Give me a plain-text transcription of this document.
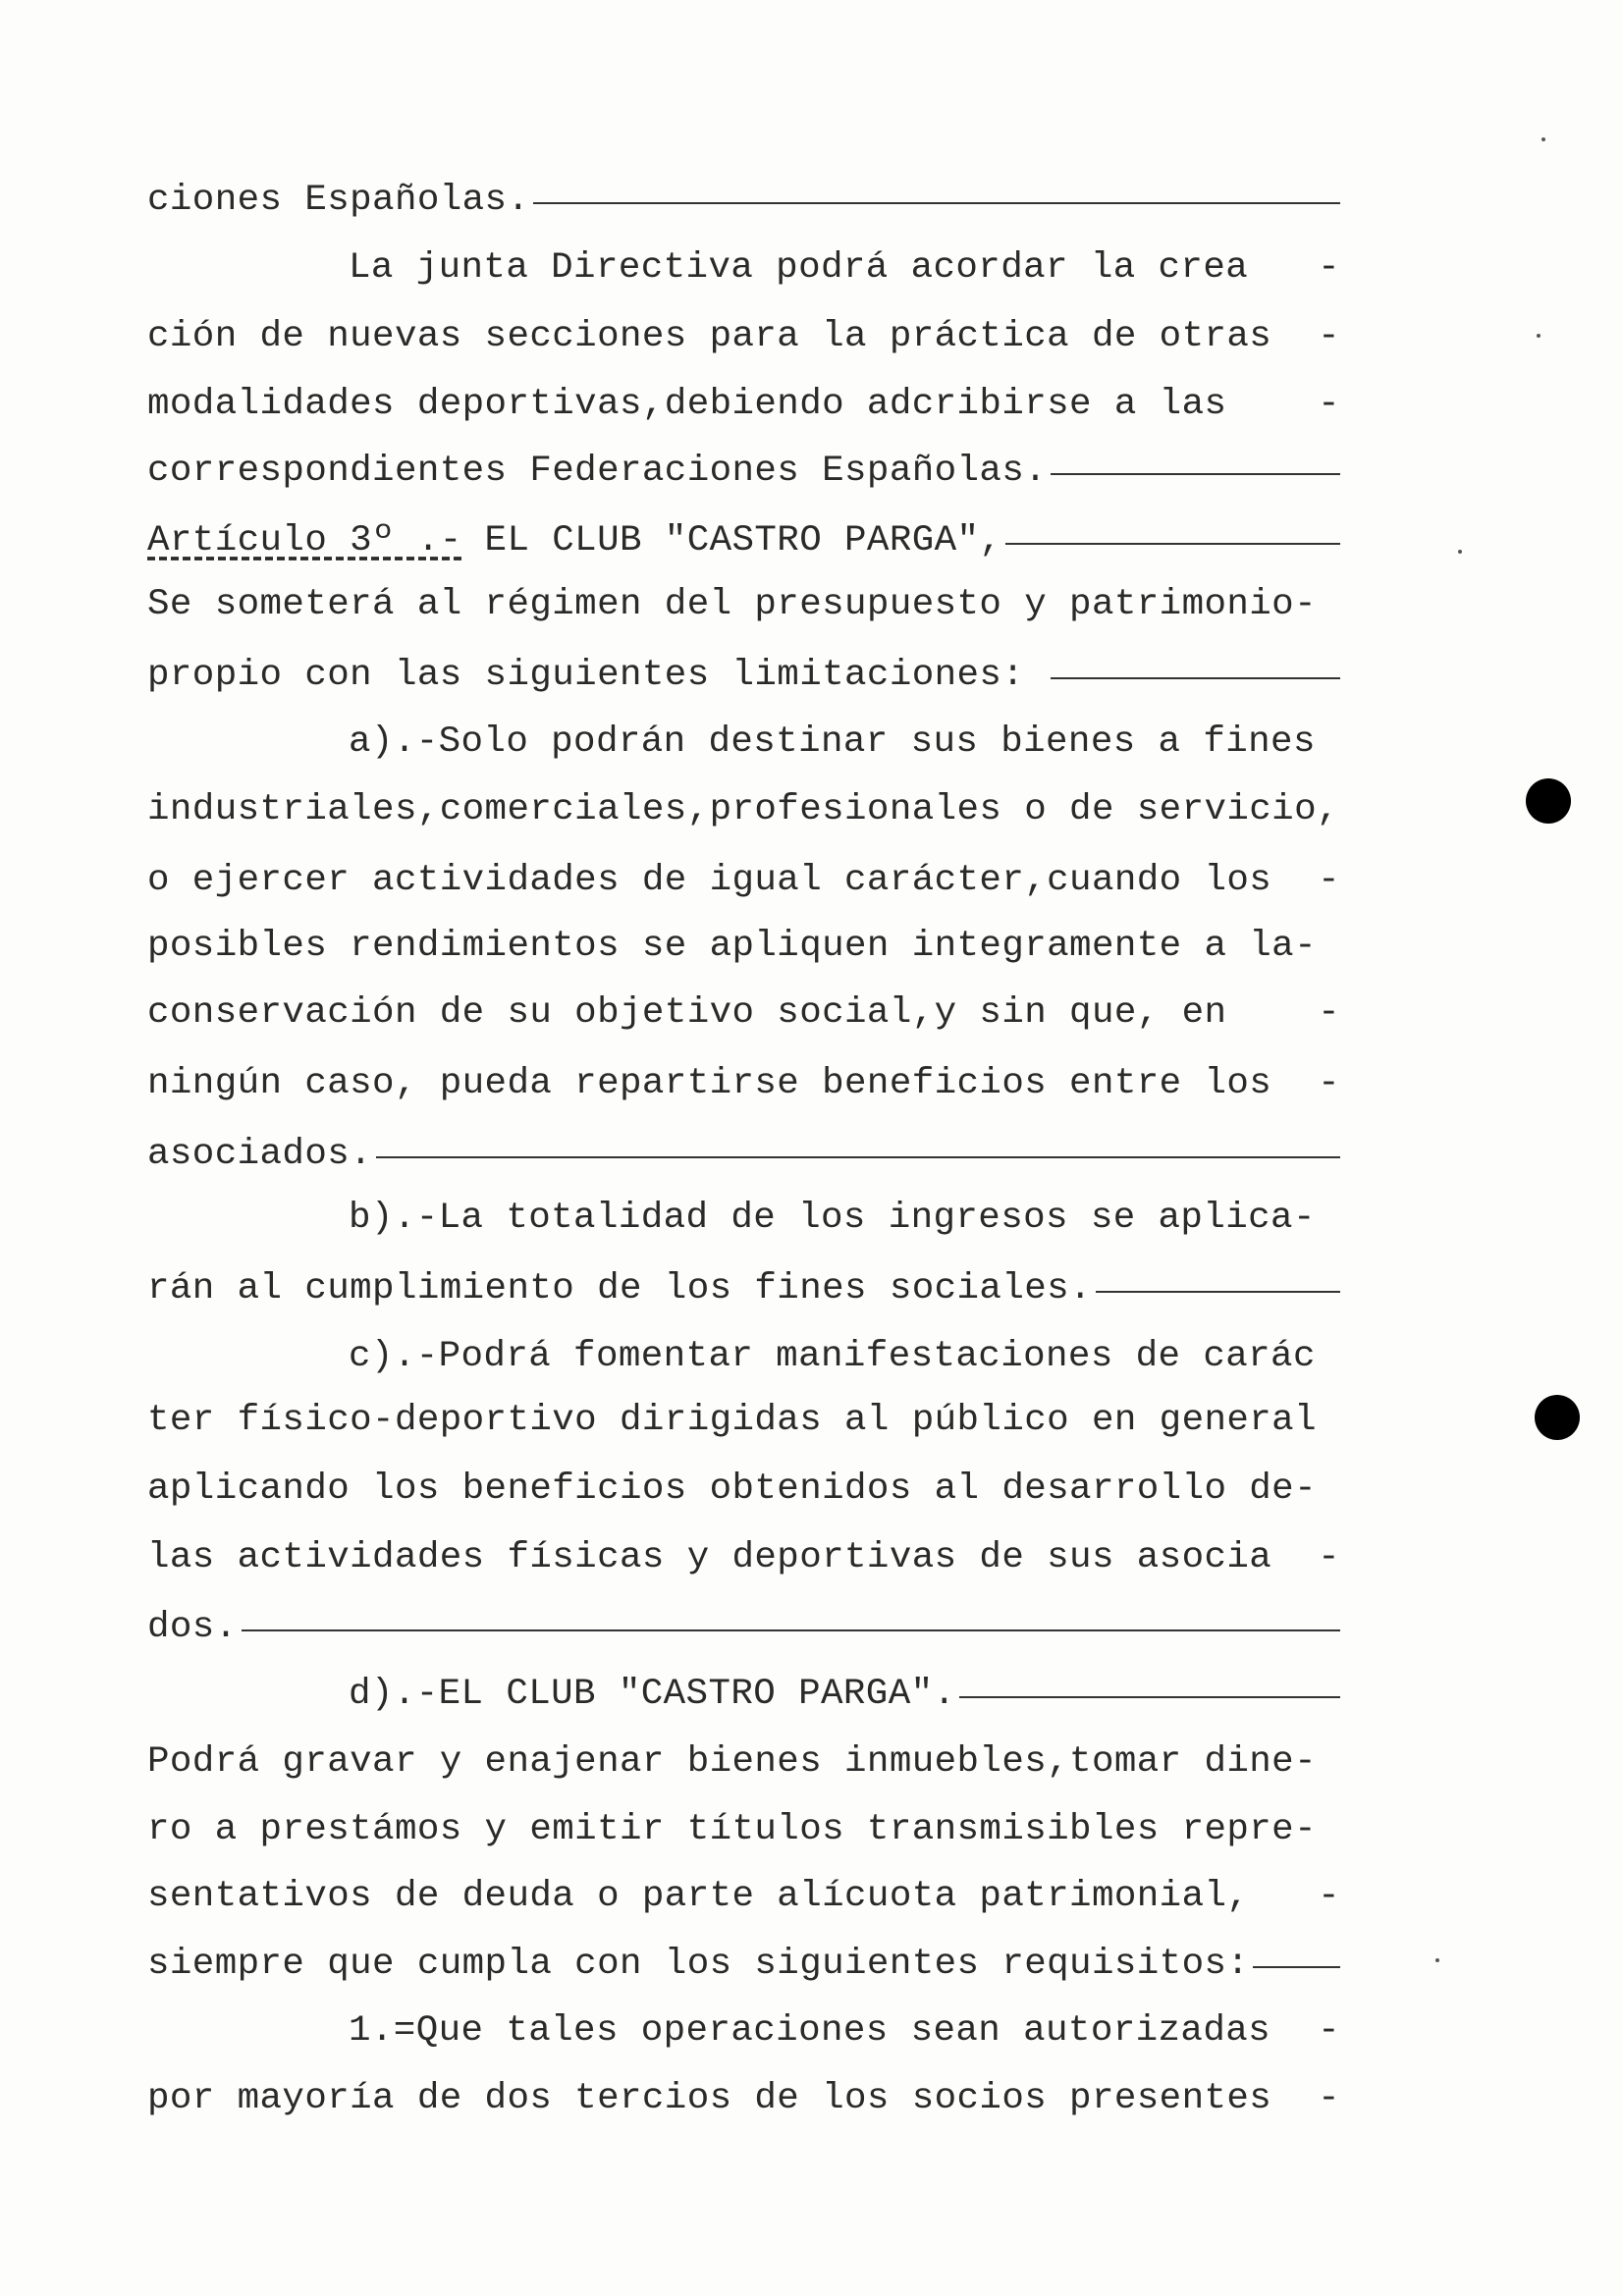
ciones Españolas.
La junta Directiva podrá acordar la crea -
ción de nuevas secciones para la práctica de otras -
modalidades deportivas,debiendo adcribirse a las -
correspondientes Federaciones Españolas.
Artículo 3º .- EL CLUB "CASTRO PARGA",
Se someterá al régimen del presupuesto y patrimonio-
propio con las siguientes limitaciones:
a).-Solo podrán destinar sus bienes a fines
industriales,comerciales,profesionales o de servicio,
o ejercer actividades de igual carácter,cuando los -
posibles rendimientos se apliquen integramente a la-
conservación de su objetivo social,y sin que, en -
ningún caso, pueda repartirse beneficios entre los -
asociados.
b).-La totalidad de los ingresos se aplica-
rán al cumplimiento de los fines sociales.
c).-Podrá fomentar manifestaciones de carác
ter físico-deportivo dirigidas al público en general
aplicando los beneficios obtenidos al desarrollo de-
las actividades físicas y deportivas de sus asocia -
dos.
d).-EL CLUB "CASTRO PARGA".
Podrá gravar y enajenar bienes inmuebles,tomar dine-
ro a prestámos y emitir títulos transmisibles repre-
sentativos de deuda o parte alícuota patrimonial, -
siempre que cumpla con los siguientes requisitos:
1.=Que tales operaciones sean autorizadas -
por mayoría de dos tercios de los socios presentes -
